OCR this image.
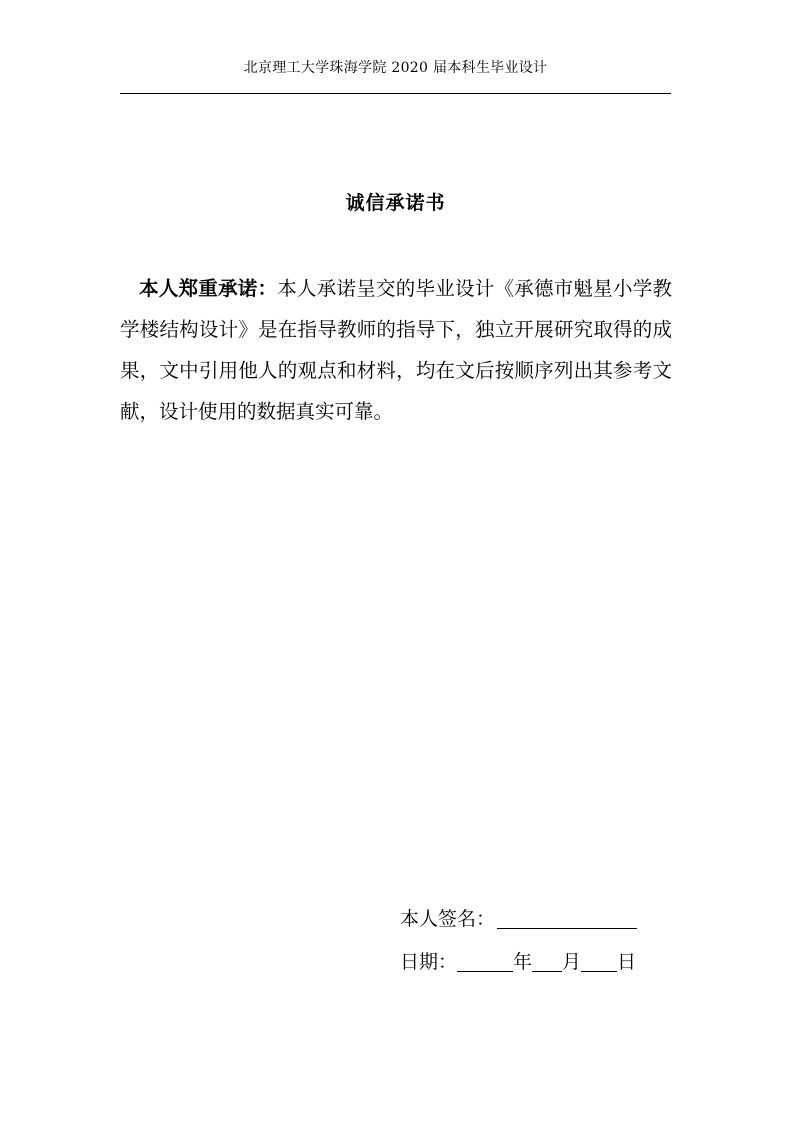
北京理工大学珠海学院 2020 届本科生毕业设计
诚信承诺书

本人郑重承诺：本人承诺呈交的毕业设计《承德市魁星小学教学楼结构设计》是在指导教师的指导下，独立开展研究取得的成果，文中引用他人的观点和材料，均在文后按顺序列出其参考文献，设计使用的数据真实可靠。

本人签名：
日期：	年 月 日
